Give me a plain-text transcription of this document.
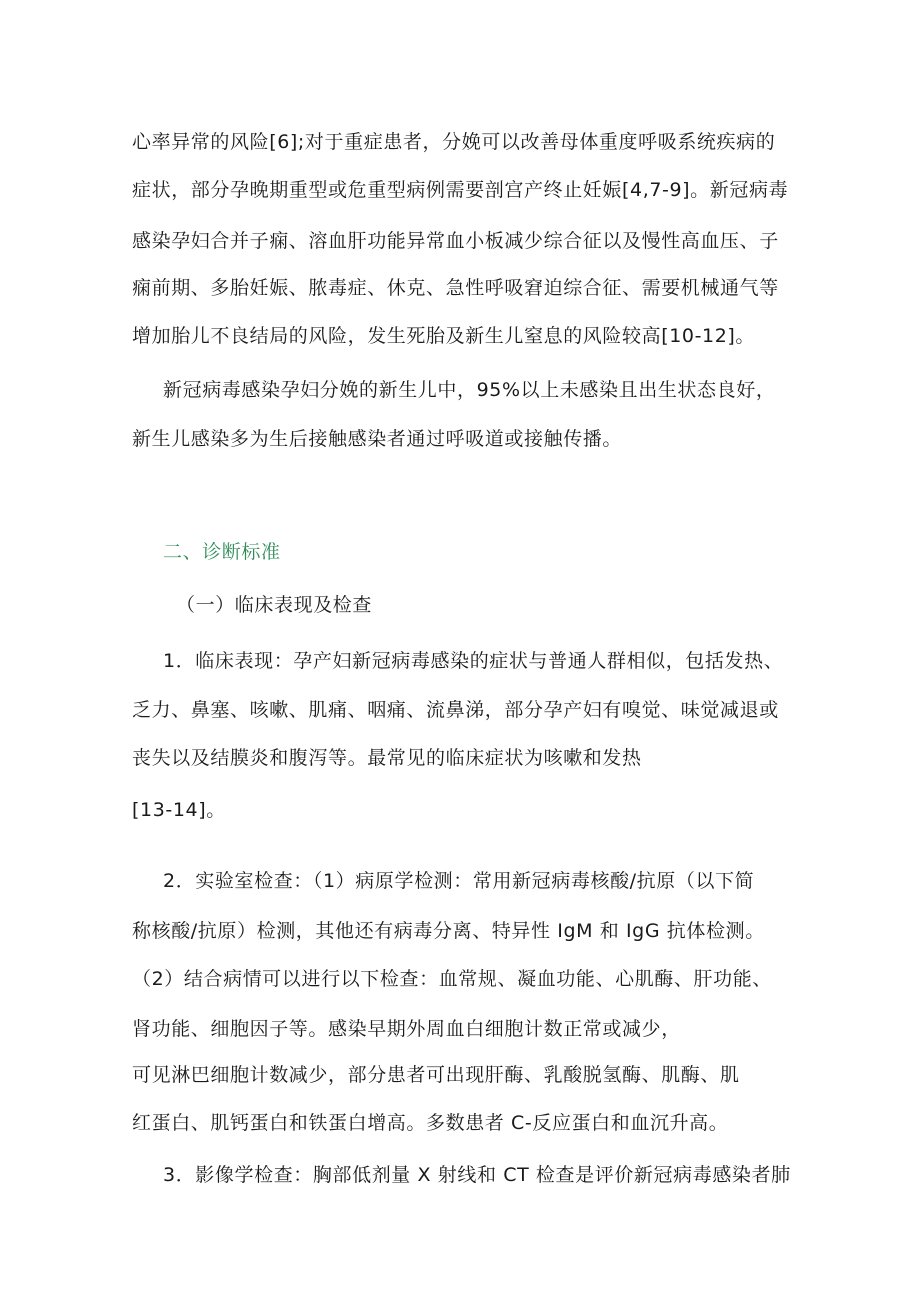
心率异常的风险[6];对于重症患者，分娩可以改善母体重度呼吸系统疾病的
症状，部分孕晚期重型或危重型病例需要剖宫产终止妊娠[4,7-9]。新冠病毒
感染孕妇合并子痫、溶血肝功能异常血小板减少综合征以及慢性高血压、子
痫前期、多胎妊娠、脓毒症、休克、急性呼吸窘迫综合征、需要机械通气等
增加胎儿不良结局的风险，发生死胎及新生儿窒息的风险较高[10-12]。
新冠病毒感染孕妇分娩的新生儿中，95%以上未感染且出生状态良好，
新生儿感染多为生后接触感染者通过呼吸道或接触传播。
二、诊断标准
（一）临床表现及检查
1．临床表现：孕产妇新冠病毒感染的症状与普通人群相似，包括发热、
乏力、鼻塞、咳嗽、肌痛、咽痛、流鼻涕，部分孕产妇有嗅觉、味觉减退或
丧失以及结膜炎和腹泻等。最常见的临床症状为咳嗽和发热
[13-14]。
2．实验室检查：（1）病原学检测：常用新冠病毒核酸/抗原（以下简
称核酸/抗原）检测，其他还有病毒分离、特异性 IgM 和 IgG 抗体检测。
（2）结合病情可以进行以下检查：血常规、凝血功能、心肌酶、肝功能、
肾功能、细胞因子等。感染早期外周血白细胞计数正常或减少，
可见淋巴细胞计数减少，部分患者可出现肝酶、乳酸脱氢酶、肌酶、肌
红蛋白、肌钙蛋白和铁蛋白增高。多数患者 C-反应蛋白和血沉升高。
3．影像学检查：胸部低剂量 X 射线和 CT 检查是评价新冠病毒感染者肺
